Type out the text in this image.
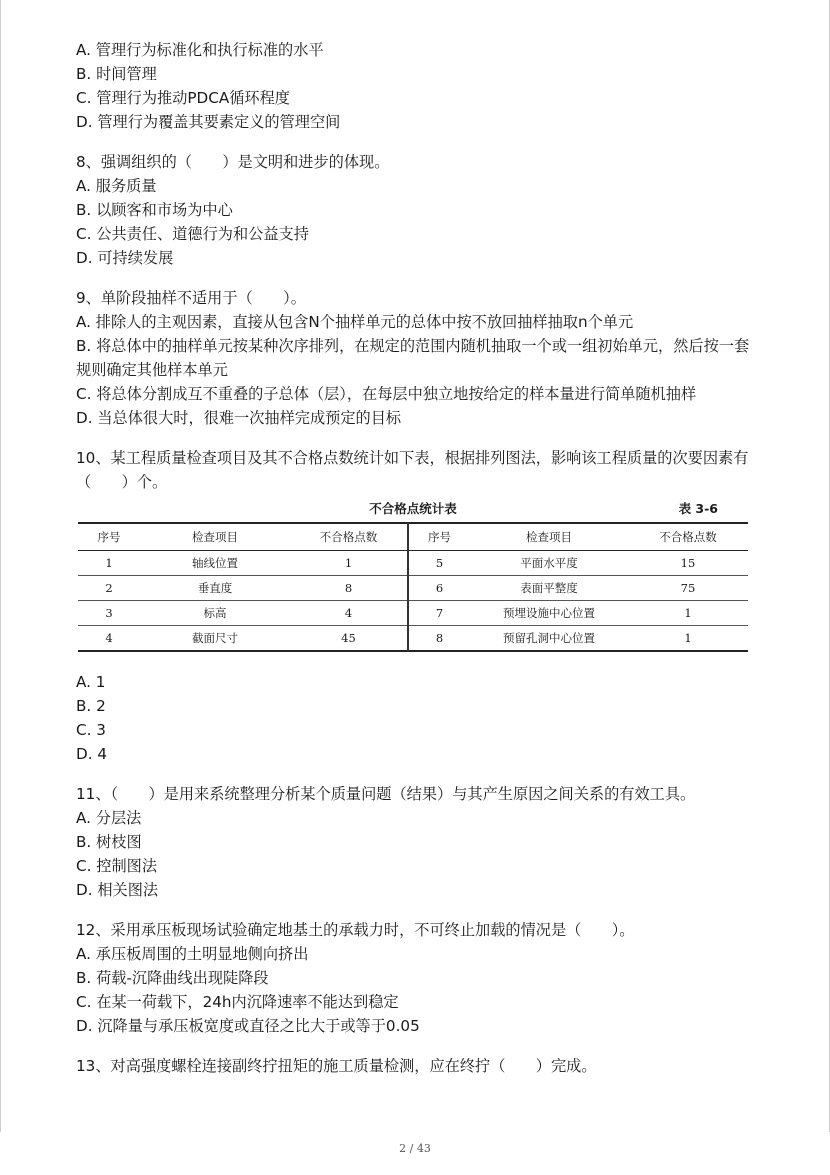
A. 管理行为标准化和执行标准的水平
B. 时间管理
C. 管理行为推动PDCA循环程度
D. 管理行为覆盖其要素定义的管理空间
8、强调组织的（　　）是文明和进步的体现。
A. 服务质量
B. 以顾客和市场为中心
C. 公共责任、道德行为和公益支持
D. 可持续发展
9、单阶段抽样不适用于（　　）。
A. 排除人的主观因素，直接从包含N个抽样单元的总体中按不放回抽样抽取n个单元
B. 将总体中的抽样单元按某种次序排列，在规定的范围内随机抽取一个或一组初始单元，然后按一套规则确定其他样本单元
C. 将总体分割成互不重叠的子总体（层），在每层中独立地按给定的样本量进行简单随机抽样
D. 当总体很大时，很难一次抽样完成预定的目标
10、某工程质量检查项目及其不合格点数统计如下表，根据排列图法，影响该工程质量的次要因素有（　　）个。
不合格点统计表	表 3-6
序号	检查项目	不合格点数	序号	检查项目	不合格点数
1	轴线位置	1	5	平面水平度	15
2	垂直度	8	6	表面平整度	75
3	标高	4	7	预埋设施中心位置	1
4	截面尺寸	45	8	预留孔洞中心位置	1
A. 1
B. 2
C. 3
D. 4
11、（　　）是用来系统整理分析某个质量问题（结果）与其产生原因之间关系的有效工具。
A. 分层法
B. 树枝图
C. 控制图法
D. 相关图法
12、采用承压板现场试验确定地基土的承载力时，不可终止加载的情况是（　　）。
A. 承压板周围的土明显地侧向挤出
B. 荷载-沉降曲线出现陡降段
C. 在某一荷载下，24h内沉降速率不能达到稳定
D. 沉降量与承压板宽度或直径之比大于或等于0.05
13、对高强度螺栓连接副终拧扭矩的施工质量检测，应在终拧（　　）完成。
2 / 43
